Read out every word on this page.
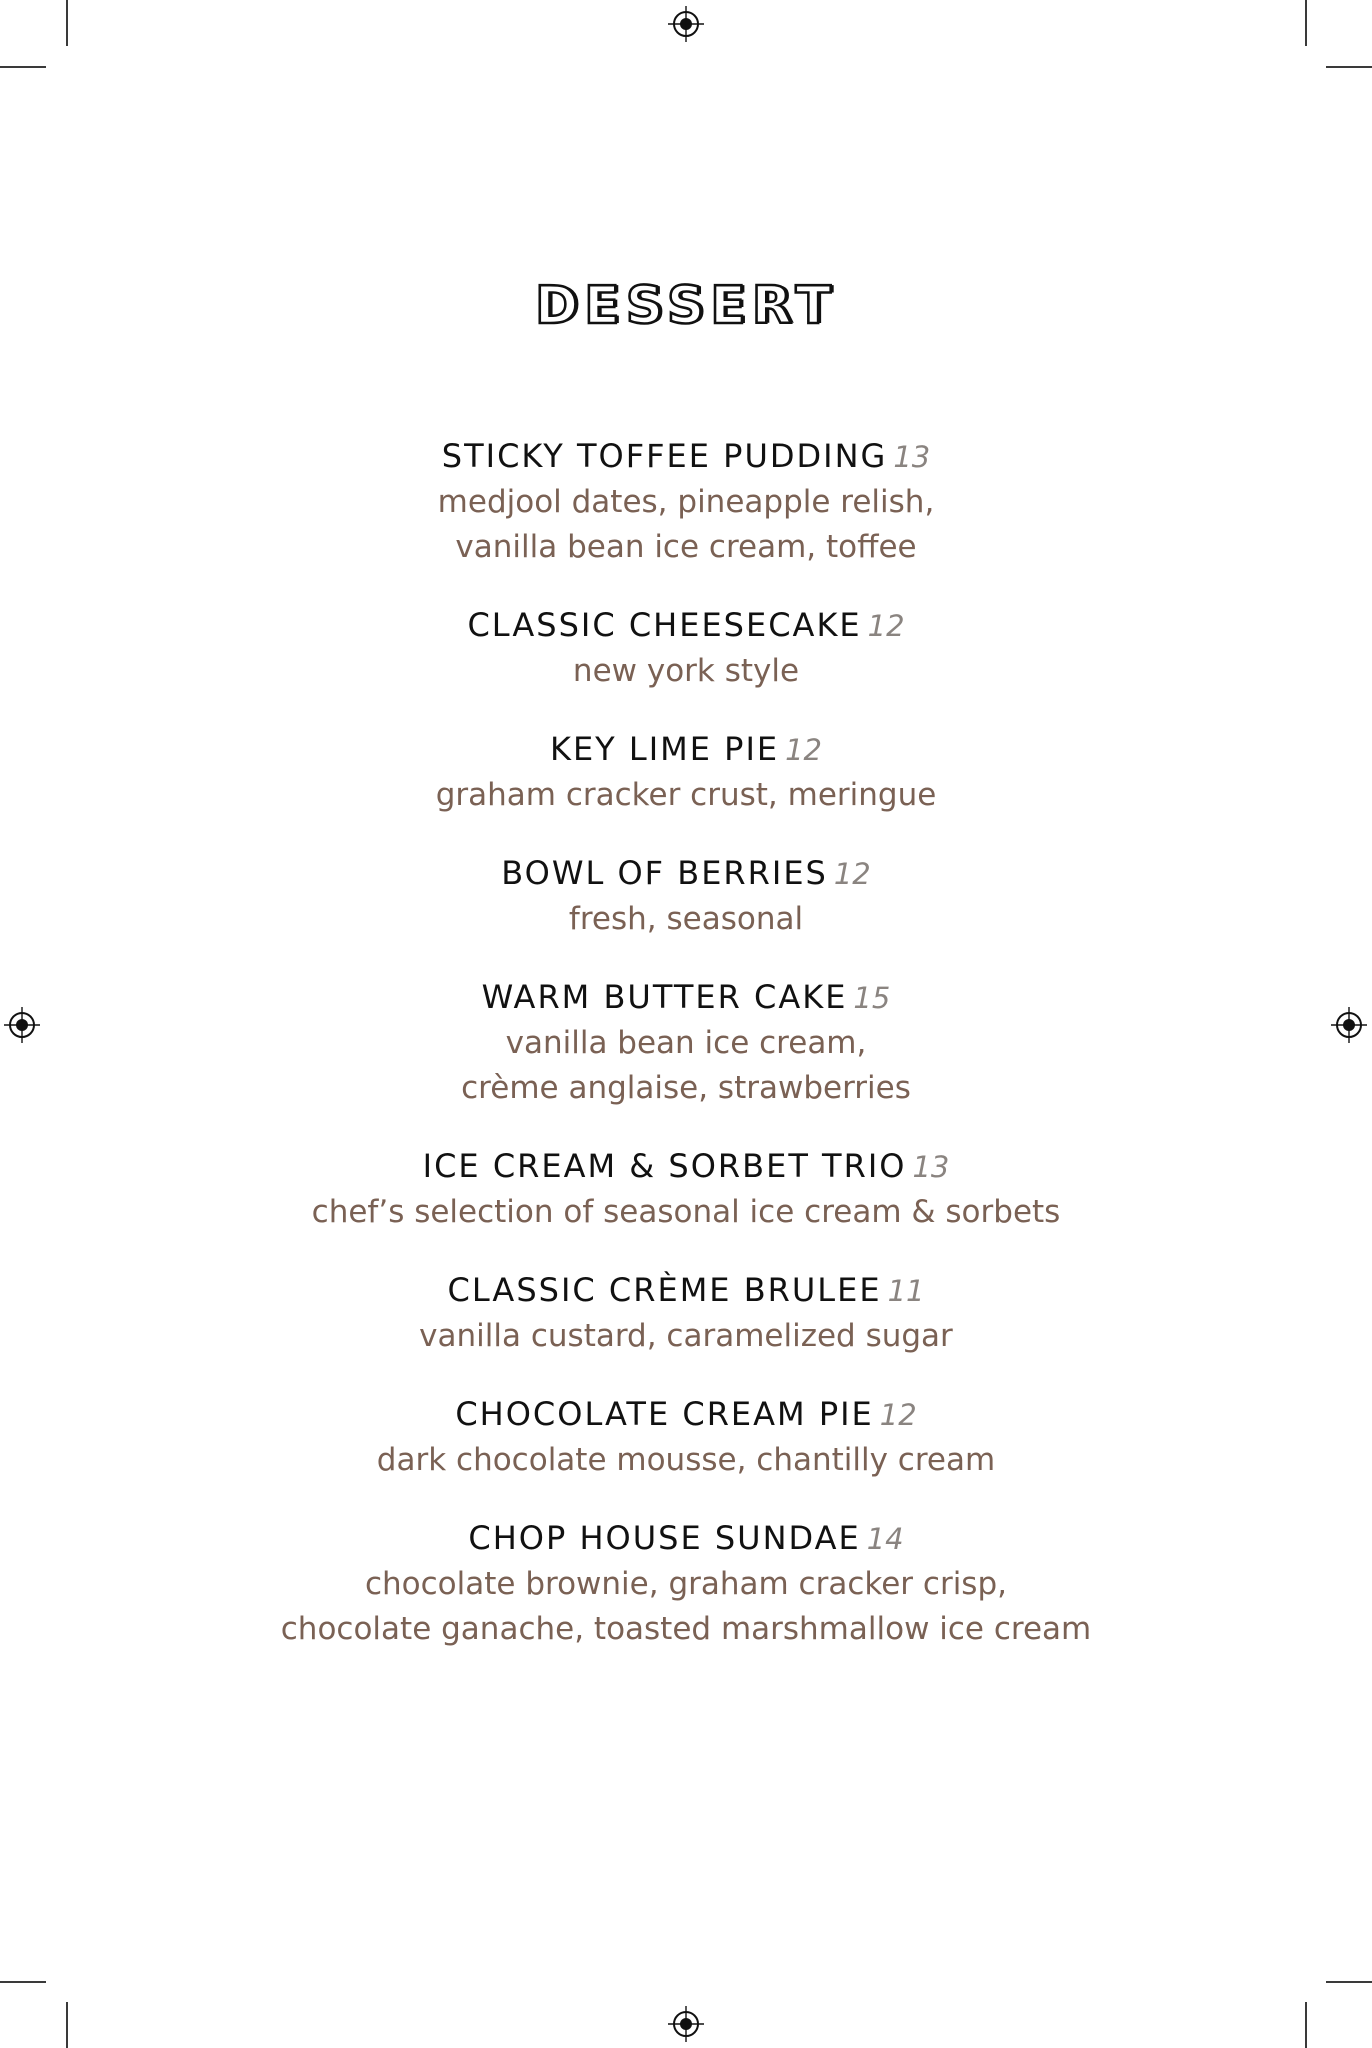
DESSERT
STICKY TOFFEE PUDDING 13
medjool dates, pineapple relish,
vanilla bean ice cream, toffee
CLASSIC CHEESECAKE 12
new york style
KEY LIME PIE 12
graham cracker crust, meringue
BOWL OF BERRIES 12
fresh, seasonal
WARM BUTTER CAKE 15
vanilla bean ice cream,
crème anglaise, strawberries
ICE CREAM & SORBET TRIO 13
chef’s selection of seasonal ice cream & sorbets
CLASSIC CRÈME BRULEE 11
vanilla custard, caramelized sugar
CHOCOLATE CREAM PIE 12
dark chocolate mousse, chantilly cream
CHOP HOUSE SUNDAE 14
chocolate brownie, graham cracker crisp,
chocolate ganache, toasted marshmallow ice cream
